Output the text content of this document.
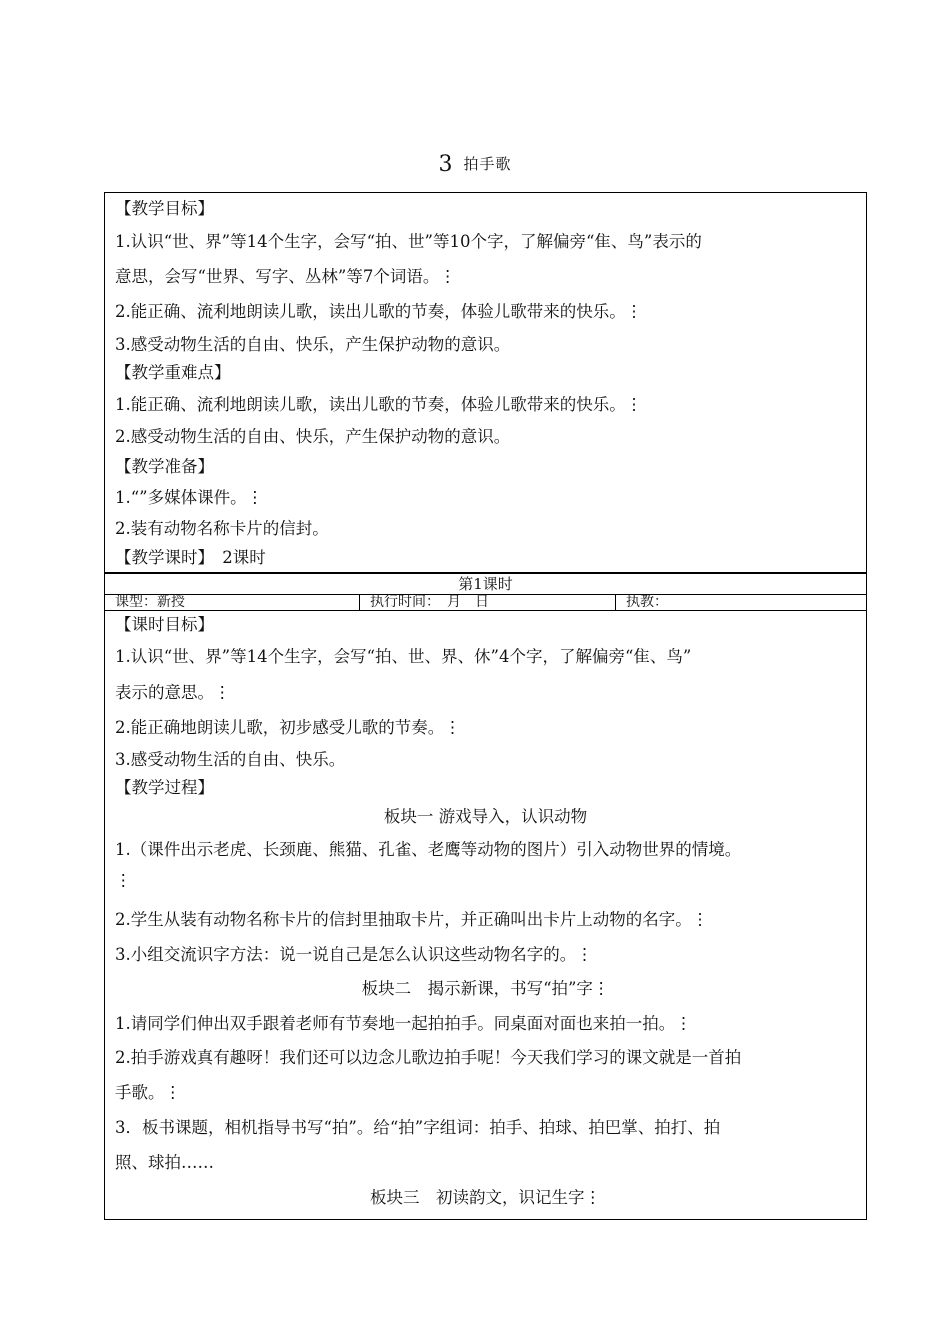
3 拍手歌
【教学目标】
1.认识“世、界”等14个生字，会写“拍、世”等10个字，了解偏旁“隹、鸟”表示的
意思，会写“世界、写字、丛林”等7个词语。⋮
2.能正确、流利地朗读儿歌，读出儿歌的节奏，体验儿歌带来的快乐。⋮
3.感受动物生活的自由、快乐，产生保护动物的意识。
【教学重难点】
1.能正确、流利地朗读儿歌，读出儿歌的节奏，体验儿歌带来的快乐。⋮
2.感受动物生活的自由、快乐，产生保护动物的意识。
【教学准备】
1.“”多媒体课件。⋮
2.装有动物名称卡片的信封。
【教学课时】　2课时
第1课时
课型：新授	执行时间：　月　日	执教：
【课时目标】
1.认识“世、界”等14个生字，会写“拍、世、界、休”4个字，了解偏旁“隹、鸟”
表示的意思。⋮
2.能正确地朗读儿歌，初步感受儿歌的节奏。⋮
3.感受动物生活的自由、快乐。
【教学过程】
板块一 游戏导入，认识动物
1.（课件出示老虎、长颈鹿、熊猫、孔雀、老鹰等动物的图片）引入动物世界的情境。
⋮
2.学生从装有动物名称卡片的信封里抽取卡片，并正确叫出卡片上动物的名字。⋮
3.小组交流识字方法：说一说自己是怎么认识这些动物名字的。⋮
板块二　揭示新课，书写“拍”字⋮
1.请同学们伸出双手跟着老师有节奏地一起拍拍手。同桌面对面也来拍一拍。⋮
2.拍手游戏真有趣呀！我们还可以边念儿歌边拍手呢！今天我们学习的课文就是一首拍
手歌。⋮
3．板书课题，相机指导书写“拍”。给“拍”字组词：拍手、拍球、拍巴掌、拍打、拍
照、球拍……
板块三　初读韵文，识记生字⋮
